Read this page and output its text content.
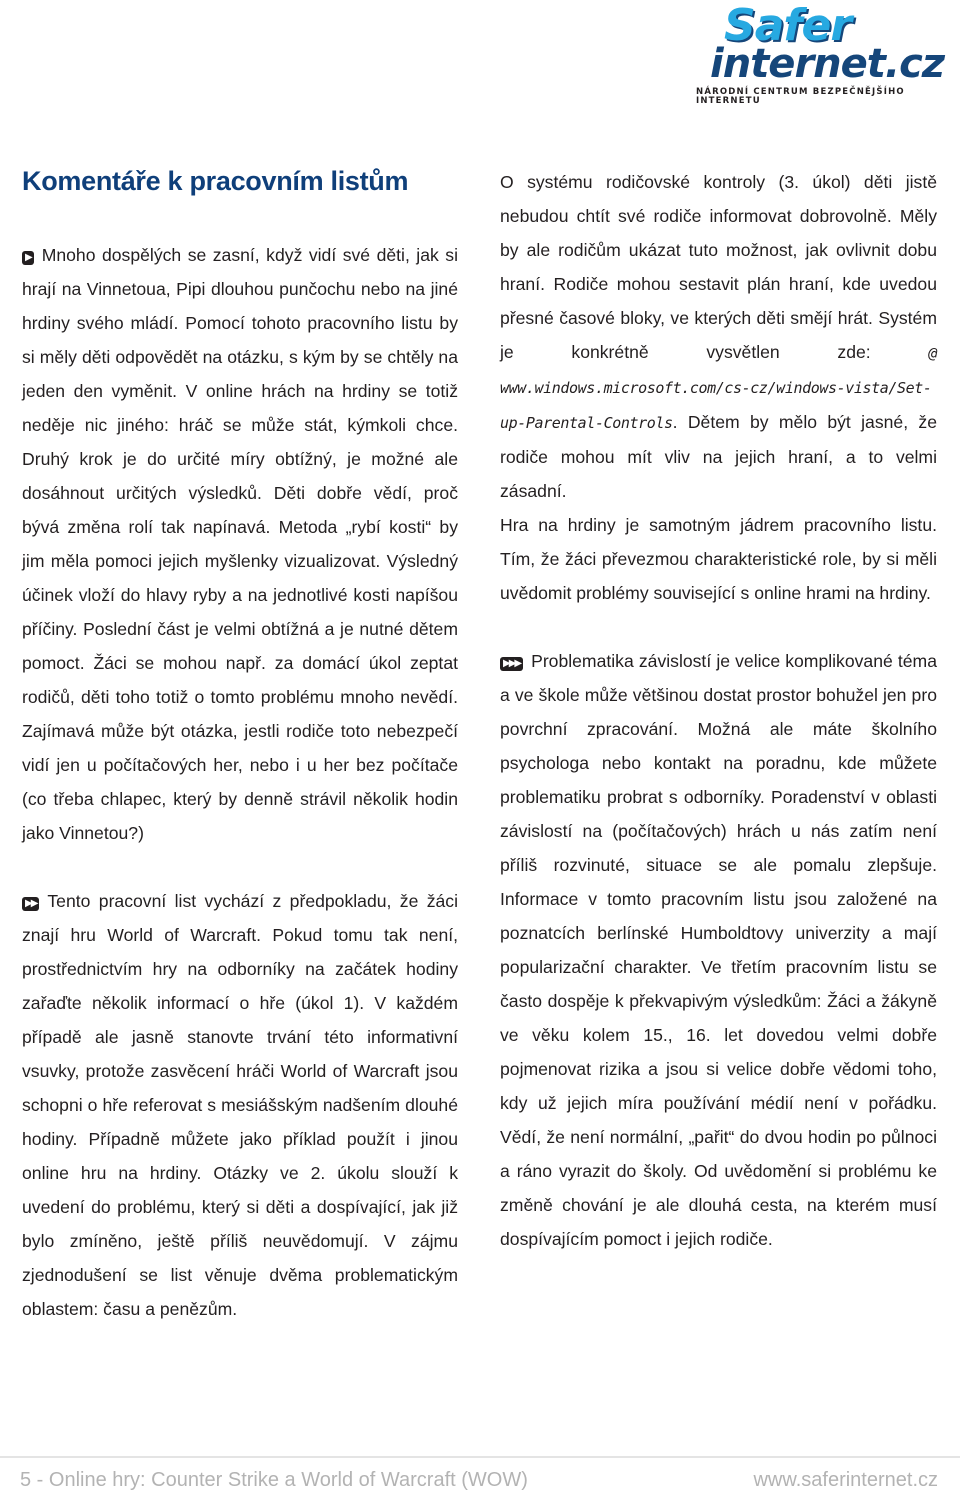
Safer
internet.cz
NÁRODNÍ CENTRUM BEZPEČNĚJŠÍHO INTERNETU
Komentáře k pracovním listům

▶ Mnoho dospělých se zasní, když vidí své děti, jak si hrají na Vinnetoua, Pipi dlouhou punčochu nebo na jiné hrdiny svého mládí. Pomocí tohoto pracovního listu by si měly děti odpovědět na otázku, s kým by se chtěly na jeden den vyměnit. V online hrách na hrdiny se totiž neděje nic jiného: hráč se může stát, kýmkoli chce. Druhý krok je do určité míry obtížný, je možné ale dosáhnout určitých výsledků. Děti dobře vědí, proč bývá změna rolí tak napínavá. Metoda „rybí kosti“ by jim měla pomoci jejich myšlenky vizualizovat. Výsledný účinek vloží do hlavy ryby a na jednotlivé kosti napíšou příčiny. Poslední část je velmi obtížná a je nutné dětem pomoct. Žáci se mohou např. za domácí úkol zeptat rodičů, děti toho totiž o tomto problému mnoho nevědí. Zajímavá může být otázka, jestli rodiče toto nebezpečí vidí jen u počítačových her, nebo i u her bez počítače (co třeba chlapec, který by denně strávil několik hodin jako Vinnetou?)

▶▶ Tento pracovní list vychází z předpokladu, že žáci znají hru World of Warcraft. Pokud tomu tak není, prostřednictvím hry na odborníky na začátek hodiny zařaďte několik informací o hře (úkol 1). V každém případě ale jasně stanovte trvání této informativní vsuvky, protože zasvěcení hráči World of Warcraft jsou schopni o hře referovat s mesiášským nadšením dlouhé hodiny. Případně můžete jako příklad použít i jinou online hru na hrdiny. Otázky ve 2. úkolu slouží k uvedení do problému, který si děti a dospívající, jak již bylo zmíněno, ještě příliš neuvědomují. V zájmu zjednodušení se list věnuje dvěma problematickým oblastem: času a penězům.

O systému rodičovské kontroly (3. úkol) děti jistě nebudou chtít své rodiče informovat dobrovolně. Měly by ale rodičům ukázat tuto možnost, jak ovlivnit dobu hraní. Rodiče mohou sestavit plán hraní, kde uvedou přesné časové bloky, ve kterých děti smějí hrát. Systém je konkrétně vysvětlen zde: @ www.windows.microsoft.com/cs-cz/windows-vista/Set-up-Parental-Controls. Dětem by mělo být jasné, že rodiče mohou mít vliv na jejich hraní, a to velmi zásadní.

Hra na hrdiny je samotným jádrem pracovního listu. Tím, že žáci převezmou charakteristické role, by si měli uvědomit problémy související s online hrami na hrdiny.

▶▶▶ Problematika závislostí je velice komplikované téma a ve škole může většinou dostat prostor bohužel jen pro povrchní zpracování. Možná ale máte školního psychologa nebo kontakt na poradnu, kde můžete problematiku probrat s odborníky. Poradenství v oblasti závislostí na (počítačových) hrách u nás zatím není příliš rozvinuté, situace se ale pomalu zlepšuje. Informace v tomto pracovním listu jsou založené na poznatcích berlínské Humboldtovy univerzity a mají popularizační charakter. Ve třetím pracovním listu se často dospěje k překvapivým výsledkům: Žáci a žákyně ve věku kolem 15., 16. let dovedou velmi dobře pojmenovat rizika a jsou si velice dobře vědomi toho, kdy už jejich míra používání médií není v pořádku. Vědí, že není normální, „pařit“ do dvou hodin po půlnoci a ráno vyrazit do školy. Od uvědomění si problému ke změně chování je ale dlouhá cesta, na kterém musí dospívajícím pomoct i jejich rodiče.

5 - Online hry: Counter Strike a World of Warcraft (WOW)	www.saferinternet.cz
